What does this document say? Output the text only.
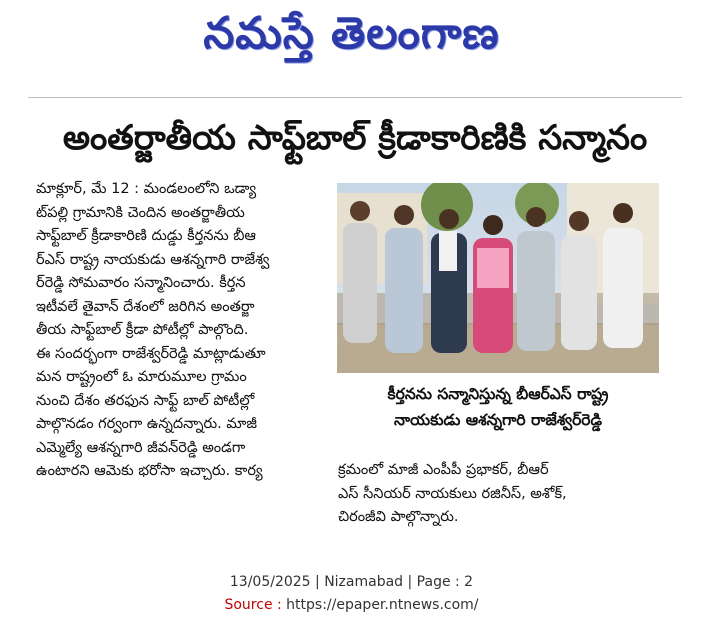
నమస్తే తెలంగాణ
అంతర్జాతీయ సాఫ్ట్‌బాల్ క్రీడాకారిణికి సన్మానం
మాక్లూర్, మే 12 : మండలంలోని ఒడ్యా
ట్‌పల్లి గ్రామానికి చెందిన అంతర్జాతీయ
సాఫ్ట్‌బాల్ క్రీడాకారిణి దుడ్డు కీర్తనను బీఆ
ర్‌ఎస్ రాష్ట్ర నాయకుడు ఆశన్నగారి రాజేశ్వ
ర్‌రెడ్డి సోమవారం సన్మానించారు. కీర్తన
ఇటీవలే తైవాన్ దేశంలో జరిగిన అంతర్జా
తీయ సాఫ్ట్‌బాల్ క్రీడా పోటీల్లో పాల్గొంది.
ఈ సందర్భంగా రాజేశ్వర్‌రెడ్డి మాట్లాడుతూ
మన రాష్ట్రంలో ఓ మారుమూల గ్రామం
నుంచి దేశం తరఫున సాఫ్ట్ బాల్ పోటీల్లో
పాల్గొనడం గర్వంగా ఉన్నదన్నారు. మాజీ
ఎమ్మెల్యే ఆశన్నగారి జీవన్‌రెడ్డి అండగా
ఉంటారని ఆమెకు భరోసా ఇచ్చారు. కార్య
కీర్తనను సన్మానిస్తున్న బీఆర్‌ఎస్ రాష్ట్ర
నాయకుడు ఆశన్నగారి రాజేశ్వర్‌రెడ్డి
క్రమంలో మాజీ ఎంపీపీ ప్రభాకర్, బీఆర్
ఎస్ సీనియర్ నాయకులు రజినీస్, అశోక్,
చిరంజీవి పాల్గొన్నారు.
13/05/2025 | Nizamabad | Page : 2
Source : https://epaper.ntnews.com/
